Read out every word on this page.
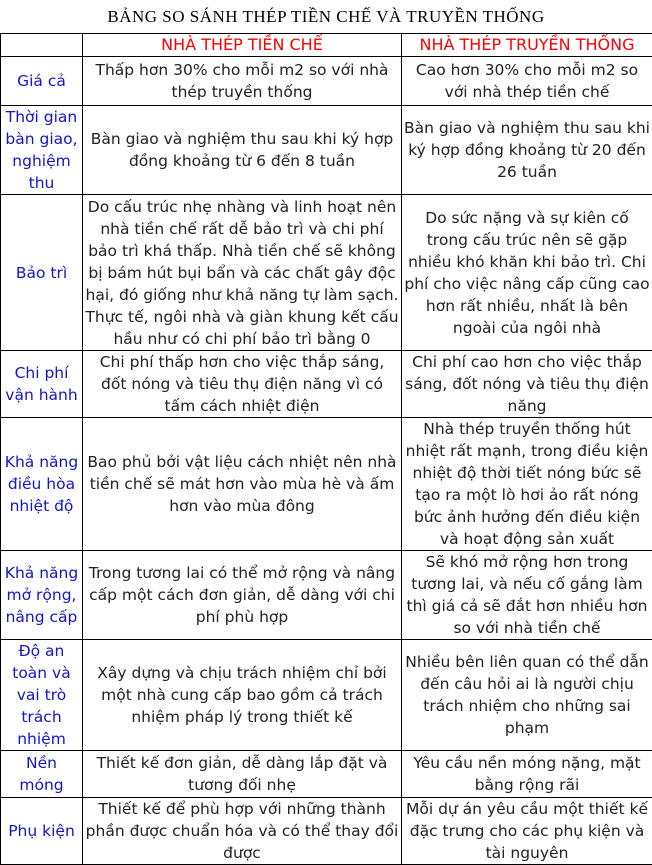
BẢNG SO SÁNH THÉP TIỀN CHẾ VÀ TRUYỀN THỐNG
	NHÀ THÉP TIỀN CHẾ	NHÀ THÉP TRUYỀN THỐNG
Giá cả	Thấp hơn 30% cho mỗi m2 so với nhà thép truyền thống	Cao hơn 30% cho mỗi m2 so với nhà thép tiền chế
Thời gian bàn giao, nghiệm thu	Bàn giao và nghiệm thu sau khi ký hợp đồng khoảng từ 6 đến 8 tuần	Bàn giao và nghiệm thu sau khi ký hợp đồng khoảng từ 20 đến 26 tuần
Bảo trì	Do cấu trúc nhẹ nhàng và linh hoạt nên nhà tiền chế rất dễ bảo trì và chi phí bảo trì khá thấp. Nhà tiền chế sẽ không bị bám hút bụi bẩn và các chất gây độc hại, đó giống như khả năng tự làm sạch. Thực tế, ngôi nhà và giàn khung kết cấu hầu như có chi phí bảo trì bằng 0	Do sức nặng và sự kiên cố trong cấu trúc nên sẽ gặp nhiều khó khăn khi bảo trì. Chi phí cho việc nâng cấp cũng cao hơn rất nhiều, nhất là bên ngoài của ngôi nhà
Chi phí vận hành	Chi phí thấp hơn cho việc thắp sáng, đốt nóng và tiêu thụ điện năng vì có tấm cách nhiệt điện	Chi phí cao hơn cho việc thắp sáng, đốt nóng và tiêu thụ điện năng
Khả năng điều hòa nhiệt độ	Bao phủ bởi vật liệu cách nhiệt nên nhà tiền chế sẽ mát hơn vào mùa hè và ấm hơn vào mùa đông	Nhà thép truyền thống hút nhiệt rất mạnh, trong điều kiện nhiệt độ thời tiết nóng bức sẽ tạo ra một lò hơi ảo rất nóng bức ảnh hưởng đến điều kiện và hoạt động sản xuất
Khả năng mở rộng, nâng cấp	Trong tương lai có thể mở rộng và nâng cấp một cách đơn giản, dễ dàng với chi phí phù hợp	Sẽ khó mở rộng hơn trong tương lai, và nếu cố gắng làm thì giá cả sẽ đắt hơn nhiều hơn so với nhà tiền chế
Độ an toàn và vai trò trách nhiệm	Xây dựng và chịu trách nhiệm chỉ bởi một nhà cung cấp bao gồm cả trách nhiệm pháp lý trong thiết kế	Nhiều bên liên quan có thể dẫn đến câu hỏi ai là người chịu trách nhiệm cho những sai phạm
Nền móng	Thiết kế đơn giản, dễ dàng lắp đặt và tương đối nhẹ	Yêu cầu nền móng nặng, mặt bằng rộng rãi
Phụ kiện	Thiết kế để phù hợp với những thành phần được chuẩn hóa và có thể thay đổi được	Mỗi dự án yêu cầu một thiết kế đặc trưng cho các phụ kiện và tài nguyên
